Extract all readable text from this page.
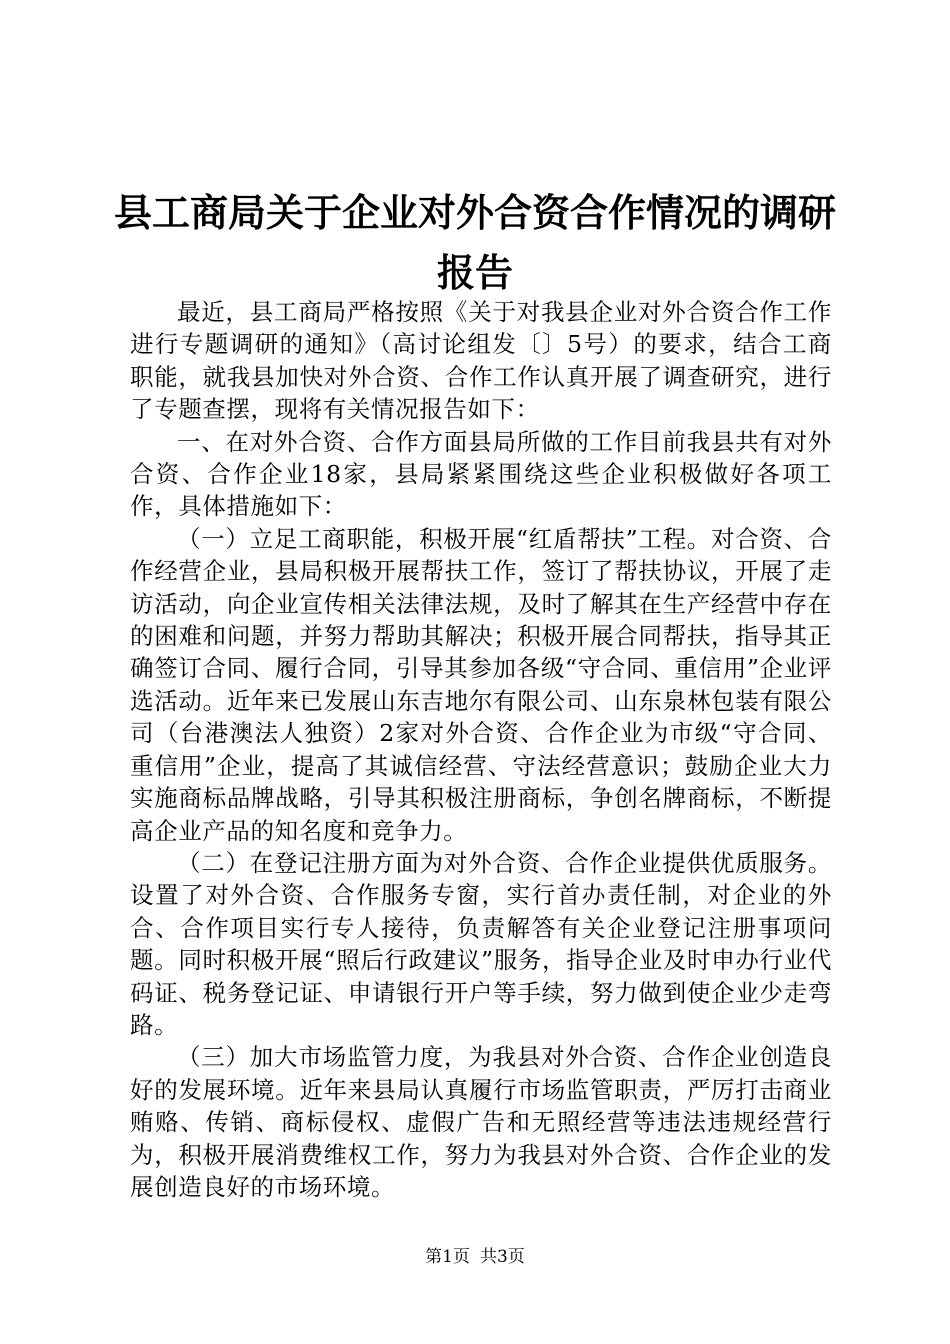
县工商局关于企业对外合资合作情况的调研报告

最近，县工商局严格按照《关于对我县企业对外合资合作工作进行专题调研的通知》（高讨论组发〔〕5号）的要求，结合工商职能，就我县加快对外合资、合作工作认真开展了调查研究，进行了专题查摆，现将有关情况报告如下：

一、在对外合资、合作方面县局所做的工作目前我县共有对外合资、合作企业18家，县局紧紧围绕这些企业积极做好各项工作，具体措施如下：

（一）立足工商职能，积极开展“红盾帮扶”工程。对合资、合作经营企业，县局积极开展帮扶工作，签订了帮扶协议，开展了走访活动，向企业宣传相关法律法规，及时了解其在生产经营中存在的困难和问题，并努力帮助其解决；积极开展合同帮扶，指导其正确签订合同、履行合同，引导其参加各级“守合同、重信用”企业评选活动。近年来已发展山东吉地尔有限公司、山东泉林包装有限公司（台港澳法人独资）2家对外合资、合作企业为市级“守合同、重信用”企业，提高了其诚信经营、守法经营意识；鼓励企业大力实施商标品牌战略，引导其积极注册商标，争创名牌商标，不断提高企业产品的知名度和竞争力。

（二）在登记注册方面为对外合资、合作企业提供优质服务。设置了对外合资、合作服务专窗，实行首办责任制，对企业的外合、合作项目实行专人接待，负责解答有关企业登记注册事项问题。同时积极开展“照后行政建议”服务，指导企业及时申办行业代码证、税务登记证、申请银行开户等手续，努力做到使企业少走弯路。

（三）加大市场监管力度，为我县对外合资、合作企业创造良好的发展环境。近年来县局认真履行市场监管职责，严厉打击商业贿赂、传销、商标侵权、虚假广告和无照经营等违法违规经营行为，积极开展消费维权工作，努力为我县对外合资、合作企业的发展创造良好的市场环境。

第1页 共3页
